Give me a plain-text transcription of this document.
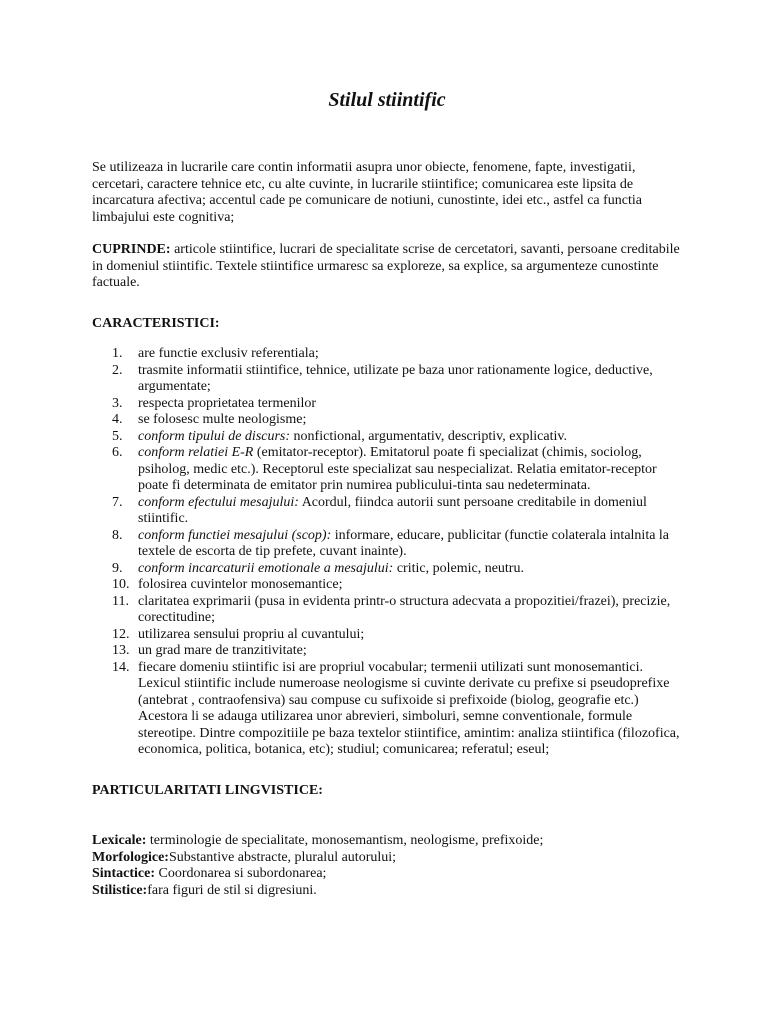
Stilul stiintific

Se utilizeaza in lucrarile care contin informatii asupra unor obiecte, fenomene, fapte, investigatii, cercetari, caractere tehnice etc, cu alte cuvinte, in lucrarile stiintifice; comunicarea este lipsita de incarcatura afectiva; accentul cade pe comunicare de notiuni, cunostinte, idei etc., astfel ca functia limbajului este cognitiva;

CUPRINDE: articole stiintifice, lucrari de specialitate scrise de cercetatori, savanti, persoane creditabile in domeniul stiintific. Textele stiintifice urmaresc sa exploreze, sa explice, sa argumenteze cunostinte factuale.

CARACTERISTICI:
1. are functie exclusiv referentiala;
2. trasmite informatii stiintifice, tehnice, utilizate pe baza unor rationamente logice, deductive, argumentate;
3. respecta proprietatea termenilor
4. se folosesc multe neologisme;
5. conform tipului de discurs: nonfictional, argumentativ, descriptiv, explicativ.
6. conform relatiei E-R (emitator-receptor). Emitatorul poate fi specializat (chimis, sociolog, psiholog, medic etc.). Receptorul este specializat sau nespecializat. Relatia emitator-receptor poate fi determinata de emitator prin numirea publicului-tinta sau nedeterminata.
7. conform efectului mesajului: Acordul, fiindca autorii sunt persoane creditabile in domeniul stiintific.
8. conform functiei mesajului (scop): informare, educare, publicitar (functie colaterala intalnita la textele de escorta de tip prefete, cuvant inainte).
9. conform incarcaturii emotionale a mesajului: critic, polemic, neutru.
10. folosirea cuvintelor monosemantice;
11. claritatea exprimarii (pusa in evidenta printr-o structura adecvata a propozitiei/frazei), precizie, corectitudine;
12. utilizarea sensului propriu al cuvantului;
13. un grad mare de tranzitivitate;
14. fiecare domeniu stiintific isi are propriul vocabular; termenii utilizati sunt monosemantici. Lexicul stiintific include numeroase neologisme si cuvinte derivate cu prefixe si pseudoprefixe (antebrat , contraofensiva) sau compuse cu sufixoide si prefixoide (biolog, geografie etc.) Acestora li se adauga utilizarea unor abrevieri, simboluri, semne conventionale, formule stereotipe. Dintre compozitiile pe baza textelor stiintifice, amintim: analiza stiintifica (filozofica, economica, politica, botanica, etc); studiul; comunicarea; referatul; eseul;
PARTICULARITATI LINGVISTICE:

Lexicale: terminologie de specialitate, monosemantism, neologisme, prefixoide;

Morfologice:Substantive abstracte, pluralul autorului;

Sintactice: Coordonarea si subordonarea;

Stilistice:fara figuri de stil si digresiuni.
